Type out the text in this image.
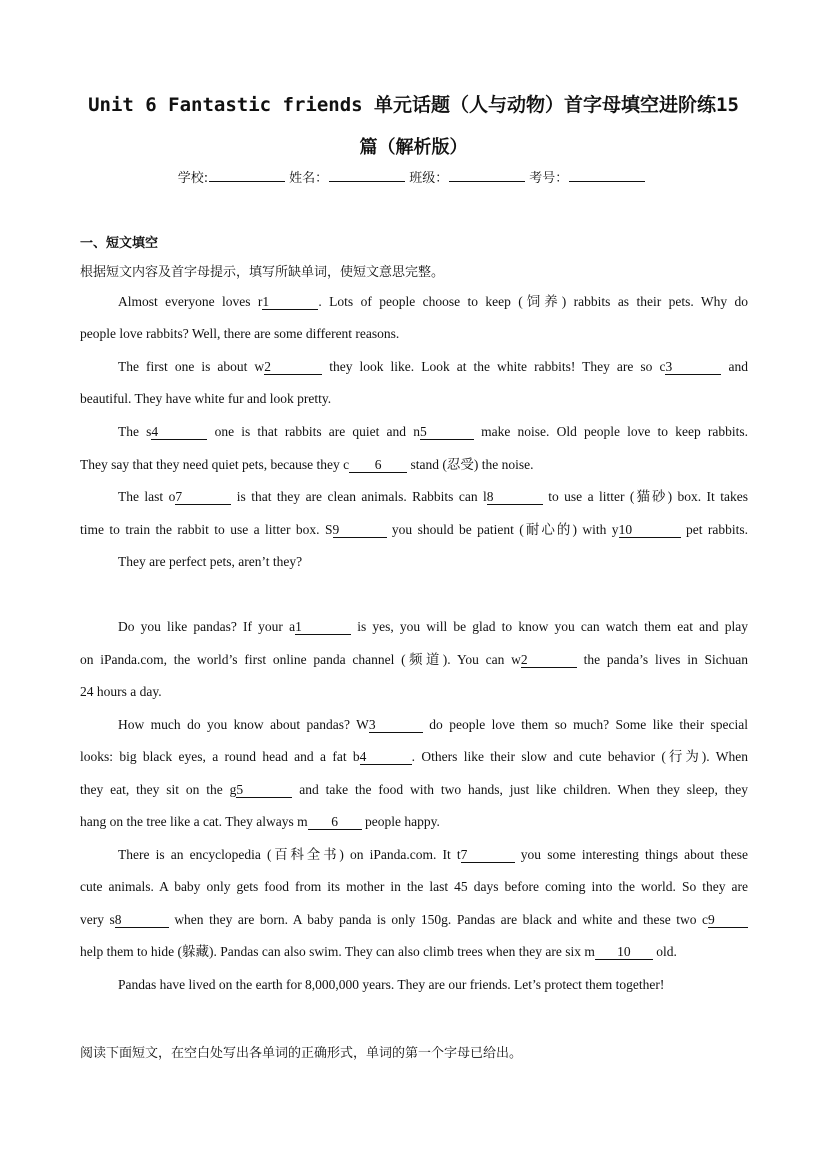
Unit 6 Fantastic friends 单元话题（人与动物）首字母填空进阶练15
篇（解析版）
学校:	姓名：	班级：	考号：
一、短文填空
根据短文内容及首字母提示，填写所缺单词，使短文意思完整。
Almost everyone loves r1	. Lots of people choose to keep (饲养) rabbits as their pets. Why do
people love rabbits? Well, there are some different reasons.
The first one is about w2	they look like. Look at the white rabbits! They are so c3	and
beautiful. They have white fur and look pretty.
The s4	one is that rabbits are quiet and n5	make noise. Old people love to keep rabbits.
They say that they need quiet pets, because they c 6 stand (忍受) the noise.
The last o7	is that they are clean animals. Rabbits can l8	to use a litter (猫砂) box. It takes
time to train the rabbit to use a litter box. S9	you should be patient (耐心的) with y10	pet rabbits.
They are perfect pets, aren’t they?
Do you like pandas? If your a1	is yes, you will be glad to know you can watch them eat and play
on iPanda.com, the world’s first online panda channel (频道). You can w2	the panda’s lives in Sichuan
24 hours a day.
How much do you know about pandas? W3	do people love them so much? Some like their special
looks: big black eyes, a round head and a fat b4	. Others like their slow and cute behavior (行为). When
they eat, they sit on the g5	and take the food with two hands, just like children. When they sleep, they
hang on the tree like a cat. They always m 6 people happy.
There is an encyclopedia (百科全书) on iPanda.com. It t7	you some interesting things about these
cute animals. A baby only gets food from its mother in the last 45 days before coming into the world. So they are
very s8	when they are born. A baby panda is only 150g. Pandas are black and white and these two c9
help them to hide (躲藏). Pandas can also swim. They can also climb trees when they are six m 10 old.
Pandas have lived on the earth for 8,000,000 years. They are our friends. Let’s protect them together!
阅读下面短文，在空白处写出各单词的正确形式，单词的第一个字母已给出。
